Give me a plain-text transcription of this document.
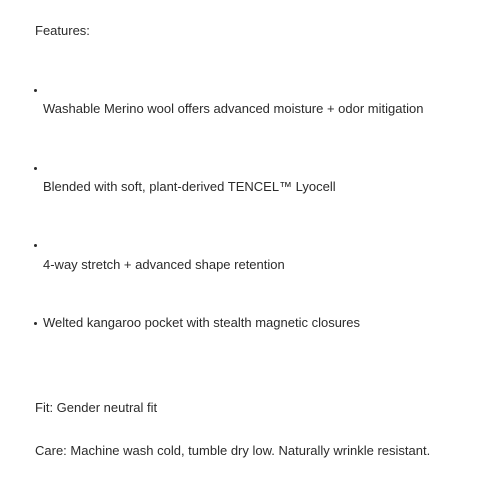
Features:
Washable Merino wool offers advanced moisture + odor mitigation
Blended with soft, plant-derived TENCEL™ Lyocell
4-way stretch + advanced shape retention
Welted kangaroo pocket with stealth magnetic closures
Fit: Gender neutral fit
Care: Machine wash cold, tumble dry low. Naturally wrinkle resistant.
